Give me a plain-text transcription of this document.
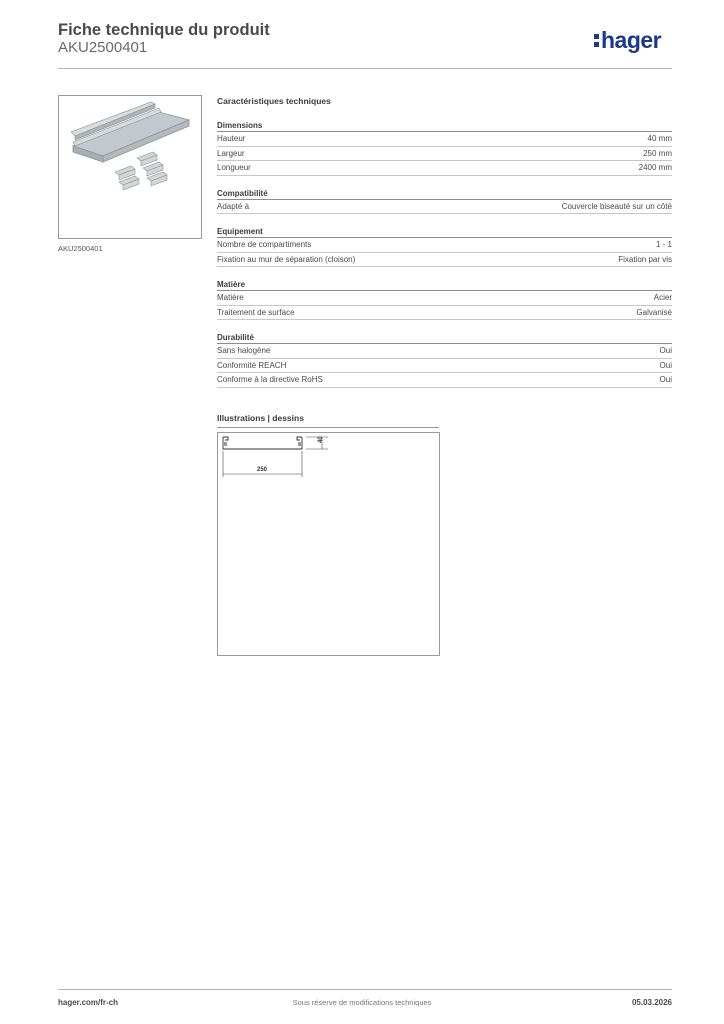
Fiche technique du produit
AKU2500401	hager
AKU2500401
Caractéristiques techniques
Dimensions
Hauteur	40 mm
Largeur	250 mm
Longueur	2400 mm
Compatibilité
Adapté à	Couvercle biseauté sur un côté
Equipement
Nombre de compartiments	1 - 1
Fixation au mur de séparation (cloison)	Fixation par vis
Matière
Matière	Acier
Traitement de surface	Galvanisé
Durabilité
Sans halogène	Oui
Conformité REACH	Oui
Conforme à la directive RoHS	Oui
Illustrations | dessins
40
250
hager.com/fr-ch	Sous réserve de modifications techniques	05.03.2026
